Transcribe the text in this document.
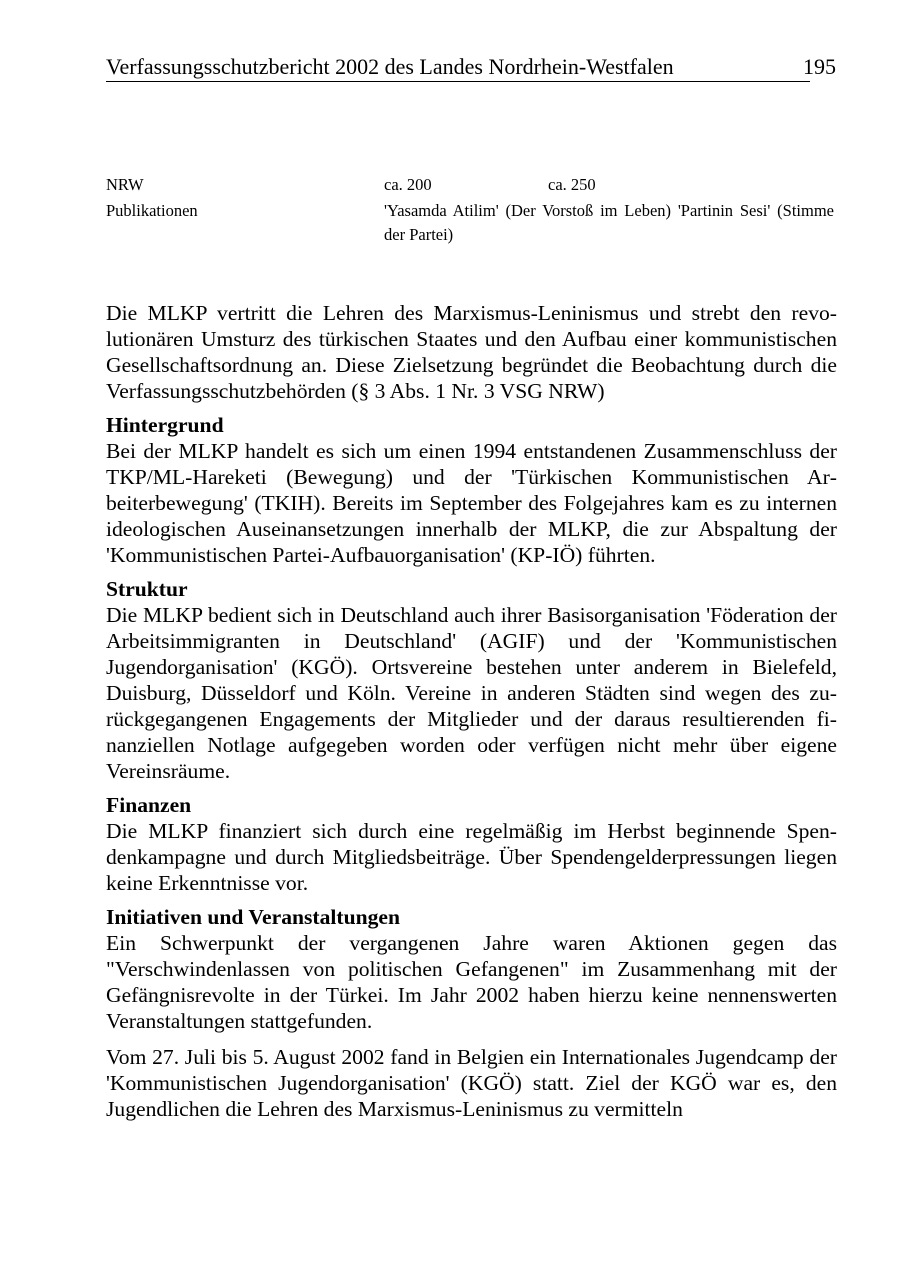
Verfassungsschutzbericht 2002 des Landes Nordrhein-Westfalen	195
NRW	ca. 200	ca. 250
Publikationen	'Yasamda Atilim' (Der Vorstoß im Leben) 'Partinin Sesi' (Stimme der Partei)

Die MLKP vertritt die Lehren des Marxismus-Leninismus und strebt den revolutionären Umsturz des türkischen Staates und den Aufbau einer kommunistischen Gesellschaftsordnung an. Diese Zielsetzung begründet die Beobachtung durch die Verfassungsschutzbehörden (§ 3 Abs. 1 Nr. 3 VSG NRW)

Hintergrund

Bei der MLKP handelt es sich um einen 1994 entstandenen Zusammenschluss der TKP/ML-Hareketi (Bewegung) und der 'Türkischen Kommunistischen Arbeiterbewegung' (TKIH). Bereits im September des Folgejahres kam es zu internen ideologischen Auseinansetzungen innerhalb der MLKP, die zur Abspaltung der 'Kommunistischen Partei-Aufbauorganisation' (KP-IÖ) führten.

Struktur

Die MLKP bedient sich in Deutschland auch ihrer Basisorganisation 'Föderation der Arbeitsimmigranten in Deutschland' (AGIF) und der 'Kommunistischen Jugendorganisation' (KGÖ). Ortsvereine bestehen unter anderem in Bielefeld, Duisburg, Düsseldorf und Köln. Vereine in anderen Städten sind wegen des zurückgegangenen Engagements der Mitglieder und der daraus resultierenden finanziellen Notlage aufgegeben worden oder verfügen nicht mehr über eigene Vereinsräume.

Finanzen

Die MLKP finanziert sich durch eine regelmäßig im Herbst beginnende Spendenkampagne und durch Mitgliedsbeiträge. Über Spendengelderpressungen liegen keine Erkenntnisse vor.

Initiativen und Veranstaltungen

Ein Schwerpunkt der vergangenen Jahre waren Aktionen gegen das "Verschwindenlassen von politischen Gefangenen" im Zusammenhang mit der Gefängnisrevolte in der Türkei. Im Jahr 2002 haben hierzu keine nennenswerten Veranstaltungen stattgefunden.

Vom 27. Juli bis 5. August 2002 fand in Belgien ein Internationales Jugendcamp der 'Kommunistischen Jugendorganisation' (KGÖ) statt. Ziel der KGÖ war es, den Jugendlichen die Lehren des Marxismus-Leninismus zu vermitteln
